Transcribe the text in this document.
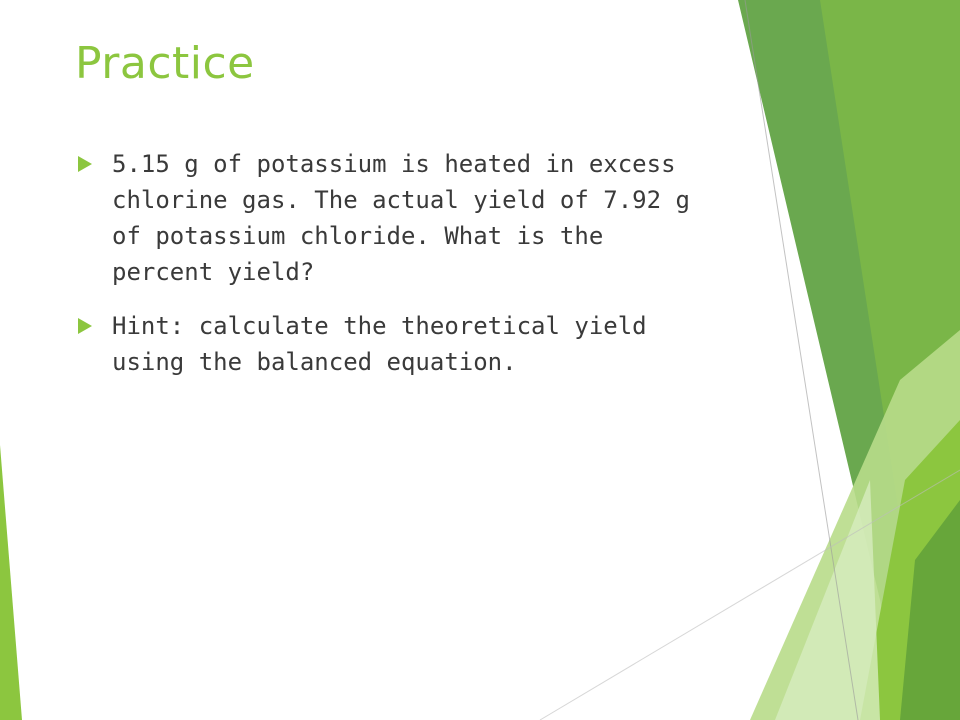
Practice
5.15 g of potassium is heated in excess chlorine gas. The actual yield of 7.92 g of potassium chloride. What is the percent yield?
Hint: calculate the theoretical yield using the balanced equation.
